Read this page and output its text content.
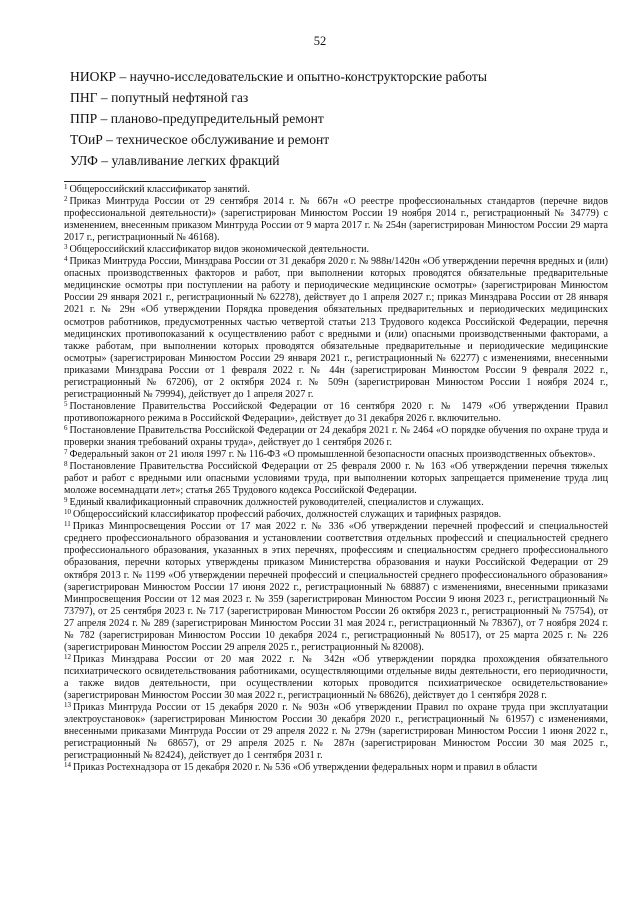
52
НИОКР – научно-исследовательские и опытно-конструкторские работы
ПНГ – попутный нефтяной газ
ППР – планово-предупредительный ремонт
ТОиР – техническое обслуживание и ремонт
УЛФ – улавливание легких фракций

$^1$ Общероссийский классификатор занятий.

$^2$ Приказ Минтруда России от 29 сентября 2014 г. № 667н «О реестре профессиональных стандартов (перечне видов профессиональной деятельности)» (зарегистрирован Минюстом России 19 ноября 2014 г., регистрационный № 34779) с изменением, внесенным приказом Минтруда России от 9 марта 2017 г. № 254н (зарегистрирован Минюстом России 29 марта 2017 г., регистрационный № 46168).

$^3$ Общероссийский классификатор видов экономической деятельности.

$^4$ Приказ Минтруда России, Минздрава России от 31 декабря 2020 г. № 988н/1420н «Об утверждении перечня вредных и (или) опасных производственных факторов и работ, при выполнении которых проводятся обязательные предварительные медицинские осмотры при поступлении на работу и периодические медицинские осмотры» (зарегистрирован Минюстом России 29 января 2021 г., регистрационный № 62278), действует до 1 апреля 2027 г.; приказ Минздрава России от 28 января 2021 г. № 29н «Об утверждении Порядка проведения обязательных предварительных и периодических медицинских осмотров работников, предусмотренных частью четвертой статьи 213 Трудового кодекса Российской Федерации, перечня медицинских противопоказаний к осуществлению работ с вредными и (или) опасными производственными факторами, а также работам, при выполнении которых проводятся обязательные предварительные и периодические медицинские осмотры» (зарегистрирован Минюстом России 29 января 2021 г., регистрационный № 62277) с изменениями, внесенными приказами Минздрава России от 1 февраля 2022 г. № 44н (зарегистрирован Минюстом России 9 февраля 2022 г., регистрационный № 67206), от 2 октября 2024 г. № 509н (зарегистрирован Минюстом России 1 ноября 2024 г., регистрационный № 79994), действует до 1 апреля 2027 г.

$^5$ Постановление Правительства Российской Федерации от 16 сентября 2020 г. № 1479 «Об утверждении Правил противопожарного режима в Российской Федерации», действует до 31 декабря 2026 г. включительно.

$^6$ Постановление Правительства Российской Федерации от 24 декабря 2021 г. № 2464 «О порядке обучения по охране труда и проверки знания требований охраны труда», действует до 1 сентября 2026 г.

$^7$ Федеральный закон от 21 июля 1997 г. № 116-ФЗ «О промышленной безопасности опасных производственных объектов».

$^8$ Постановление Правительства Российской Федерации от 25 февраля 2000 г. № 163 «Об утверждении перечня тяжелых работ и работ с вредными или опасными условиями труда, при выполнении которых запрещается применение труда лиц моложе восемнадцати лет»; статья 265 Трудового кодекса Российской Федерации.

$^9$ Единый квалификационный справочник должностей руководителей, специалистов и служащих.

$^{10}$ Общероссийский классификатор профессий рабочих, должностей служащих и тарифных разрядов.

$^{11}$ Приказ Минпросвещения России от 17 мая 2022 г. № 336 «Об утверждении перечней профессий и специальностей среднего профессионального образования и установлении соответствия отдельных профессий и специальностей среднего профессионального образования, указанных в этих перечнях, профессиям и специальностям среднего профессионального образования, перечни которых утверждены приказом Министерства образования и науки Российской Федерации от 29 октября 2013 г. № 1199 «Об утверждении перечней профессий и специальностей среднего профессионального образования» (зарегистрирован Минюстом России 17 июня 2022 г., регистрационный № 68887) с изменениями, внесенными приказами Минпросвещения России от 12 мая 2023 г. № 359 (зарегистрирован Минюстом России 9 июня 2023 г., регистрационный № 73797), от 25 сентября 2023 г. № 717 (зарегистрирован Минюстом России 26 октября 2023 г., регистрационный № 75754), от 27 апреля 2024 г. № 289 (зарегистрирован Минюстом России 31 мая 2024 г., регистрационный № 78367), от 7 ноября 2024 г. № 782 (зарегистрирован Минюстом России 10 декабря 2024 г., регистрационный № 80517), от 25 марта 2025 г. № 226 (зарегистрирован Минюстом России 29 апреля 2025 г., регистрационный № 82008).

$^{12}$ Приказ Минздрава России от 20 мая 2022 г. № 342н «Об утверждении порядка прохождения обязательного психиатрического освидетельствования работниками, осуществляющими отдельные виды деятельности, его периодичности, а также видов деятельности, при осуществлении которых проводится психиатрическое освидетельствование» (зарегистрирован Минюстом России 30 мая 2022 г., регистрационный № 68626), действует до 1 сентября 2028 г.

$^{13}$ Приказ Минтруда России от 15 декабря 2020 г. № 903н «Об утверждении Правил по охране труда при эксплуатации электроустановок» (зарегистрирован Минюстом России 30 декабря 2020 г., регистрационный № 61957) с изменениями, внесенными приказами Минтруда России от 29 апреля 2022 г. № 279н (зарегистрирован Минюстом России 1 июня 2022 г., регистрационный № 68657), от 29 апреля 2025 г. № 287н (зарегистрирован Минюстом России 30 мая 2025 г., регистрационный № 82424), действует до 1 сентября 2031 г.

$^{14}$ Приказ Ростехнадзора от 15 декабря 2020 г. № 536 «Об утверждении федеральных норм и правил в области
